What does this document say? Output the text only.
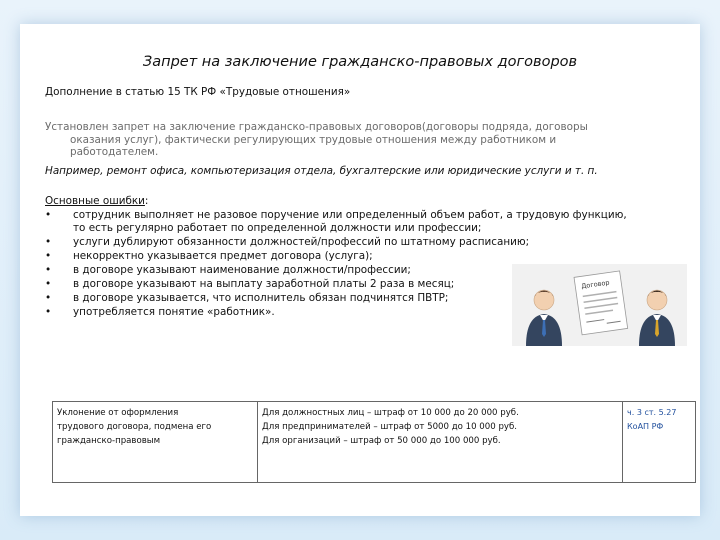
Запрет на заключение гражданско-правовых договоров
Дополнение в статью 15 ТК РФ «Трудовые отношения»
Установлен запрет на заключение гражданско-правовых договоров(договоры подряда, договоры
оказания услуг), фактически регулирующих трудовые отношения между работником и
работодателем.
Например, ремонт офиса, компьютеризация отдела, бухгалтерские или юридические услуги и т. п.
Основные ошибки:
•	сотрудник выполняет не разовое поручение или определенный объем работ, а трудовую функцию,
то есть регулярно работает по определенной должности или профессии;
•	услуги дублируют обязанности должностей/профессий по штатному расписанию;
•	некорректно указывается предмет договора (услуга);
•	в договоре указывают наименование должности/профессии;
•	в договоре указывают на выплату заработной платы 2 раза в месяц;
•	в договоре указывается, что исполнитель обязан подчинятся ПВТР;
•	употребляется понятие «работник».
Договор
Уклонение от оформления
трудового договора, подмена его
гражданско-правовым

Для должностных лиц – штраф от 10 000 до 20 000 руб.
Для предпринимателей – штраф от 5000 до 10 000 руб.
Для организаций – штраф от 50 000 до 100 000 руб.

ч. 3 ст. 5.27
КоАП РФ
